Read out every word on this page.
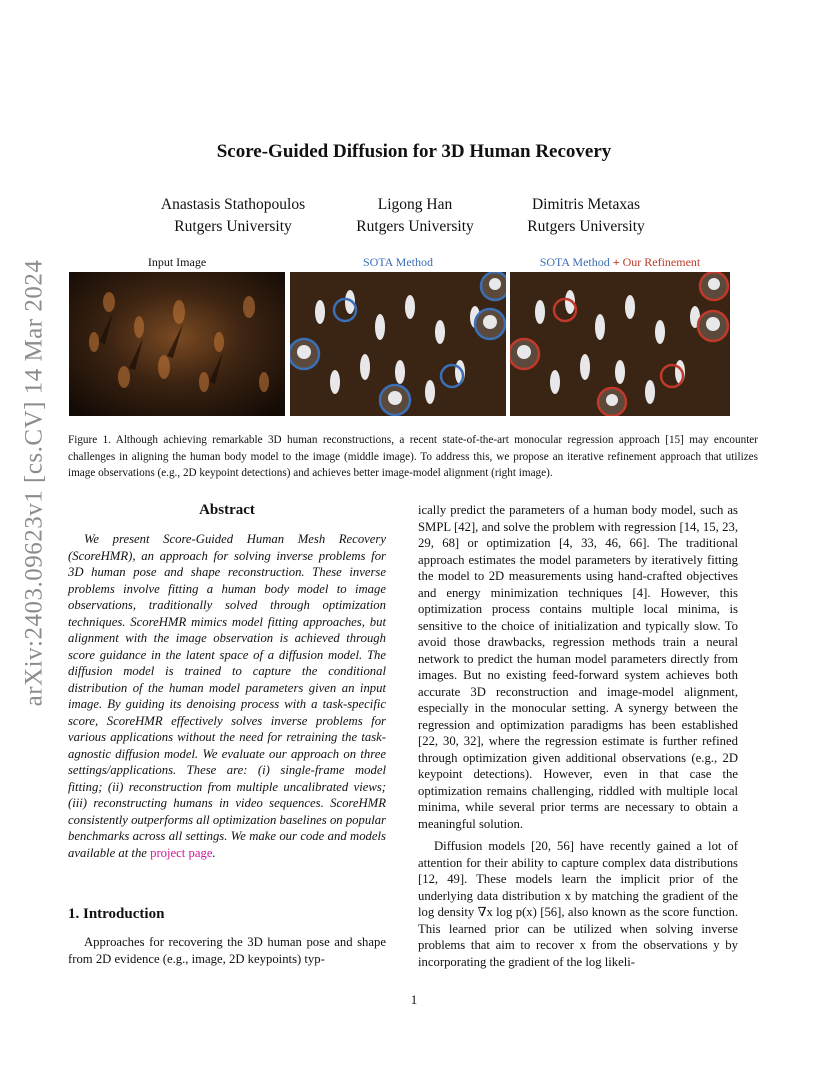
arXiv:2403.09623v1 [cs.CV] 14 Mar 2024
Score-Guided Diffusion for 3D Human Recovery
Anastasis Stathopoulos
Rutgers University
Ligong Han
Rutgers University
Dimitris Metaxas
Rutgers University
Input Image	SOTA Method	SOTA Method + Our Refinement
Figure 1. Although achieving remarkable 3D human reconstructions, a recent state-of-the-art monocular regression approach [15] may encounter challenges in aligning the human body model to the image (middle image). To address this, we propose an iterative refinement approach that utilizes image observations (e.g., 2D keypoint detections) and achieves better image-model alignment (right image).
Abstract

We present Score-Guided Human Mesh Recovery (ScoreHMR), an approach for solving inverse problems for 3D human pose and shape reconstruction. These inverse problems involve fitting a human body model to image observations, traditionally solved through optimization techniques. ScoreHMR mimics model fitting approaches, but alignment with the image observation is achieved through score guidance in the latent space of a diffusion model. The diffusion model is trained to capture the conditional distribution of the human model parameters given an input image. By guiding its denoising process with a task-specific score, ScoreHMR effectively solves inverse problems for various applications without the need for retraining the task-agnostic diffusion model. We evaluate our approach on three settings/applications. These are: (i) single-frame model fitting; (ii) reconstruction from multiple uncalibrated views; (iii) reconstructing humans in video sequences. ScoreHMR consistently outperforms all optimization baselines on popular benchmarks across all settings. We make our code and models available at the project page.

1. Introduction
Approaches for recovering the 3D human pose and shape from 2D evidence (e.g., image, 2D keypoints) typ-

ically predict the parameters of a human body model, such as SMPL [42], and solve the problem with regression [14, 15, 23, 29, 68] or optimization [4, 33, 46, 66]. The traditional approach estimates the model parameters by iteratively fitting the model to 2D measurements using hand-crafted objectives and energy minimization techniques [4]. However, this optimization process contains multiple local minima, is sensitive to the choice of initialization and typically slow. To avoid those drawbacks, regression methods train a neural network to predict the human model parameters directly from images. But no existing feed-forward system achieves both accurate 3D reconstruction and image-model alignment, especially in the monocular setting. A synergy between the regression and optimization paradigms has been established [22, 30, 32], where the regression estimate is further refined through optimization given additional observations (e.g., 2D keypoint detections). However, even in that case the optimization remains challenging, riddled with multiple local minima, while several prior terms are necessary to obtain a meaningful solution.

Diffusion models [20, 56] have recently gained a lot of attention for their ability to capture complex data distributions [12, 49]. These models learn the implicit prior of the underlying data distribution x by matching the gradient of the log density ∇x log p(x) [56], also known as the score function. This learned prior can be utilized when solving inverse problems that aim to recover x from the observations y by incorporating the gradient of the log likeli-

1
